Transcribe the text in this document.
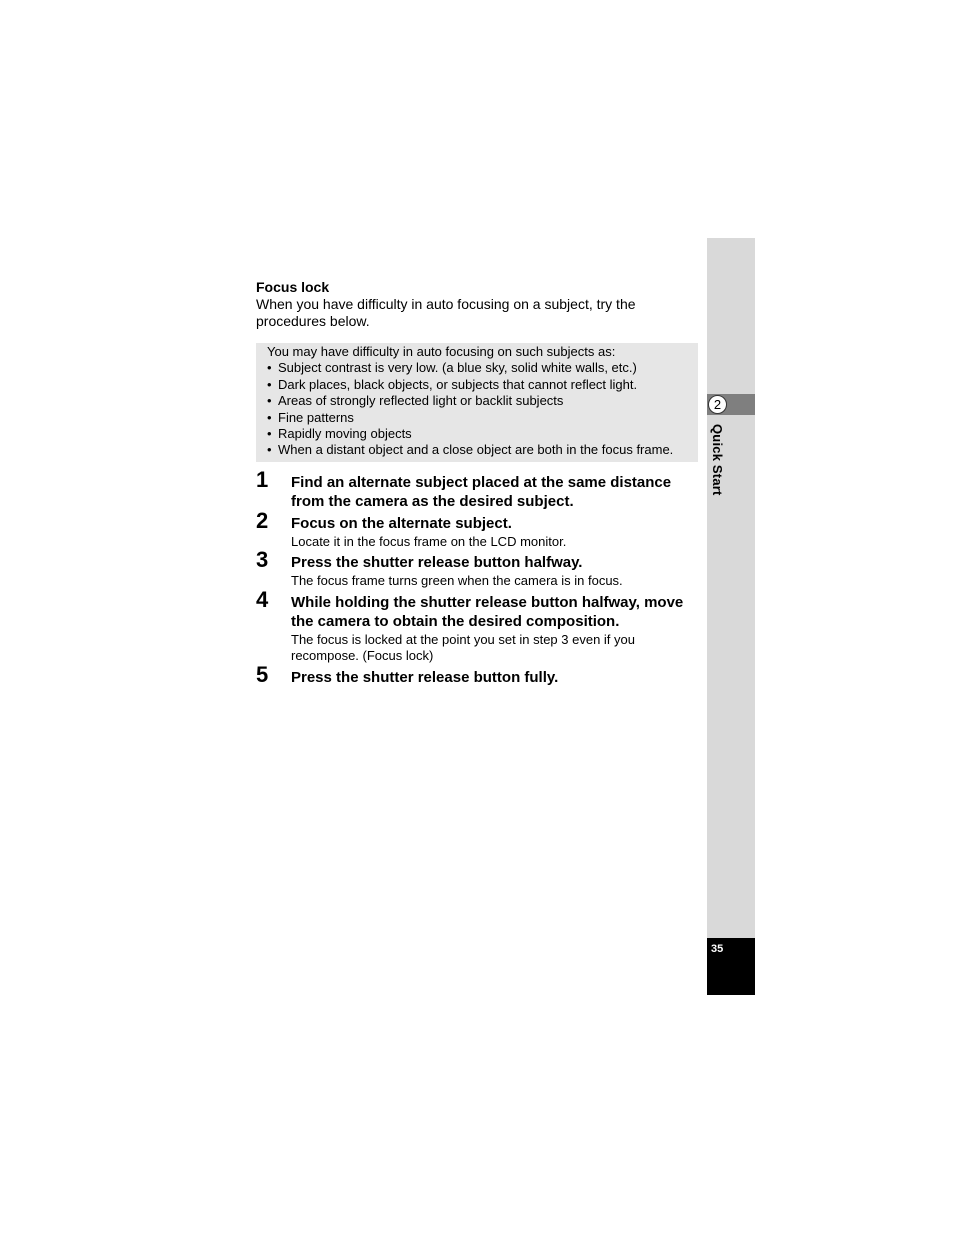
Focus lock

When you have difficulty in auto focusing on a subject, try the procedures below.

You may have difficulty in auto focusing on such subjects as:
• Subject contrast is very low. (a blue sky, solid white walls, etc.)
• Dark places, black objects, or subjects that cannot reflect light.
• Areas of strongly reflected light or backlit subjects
• Fine patterns
• Rapidly moving objects
• When a distant object and a close object are both in the focus frame.
1 Find an alternate subject placed at the same distance from the camera as the desired subject.
2 Focus on the alternate subject.
Locate it in the focus frame on the LCD monitor.
3 Press the shutter release button halfway.
The focus frame turns green when the camera is in focus.
4 While holding the shutter release button halfway, move the camera to obtain the desired composition.
The focus is locked at the point you set in step 3 even if you recompose. (Focus lock)
5 Press the shutter release button fully.
2
Quick Start
35
